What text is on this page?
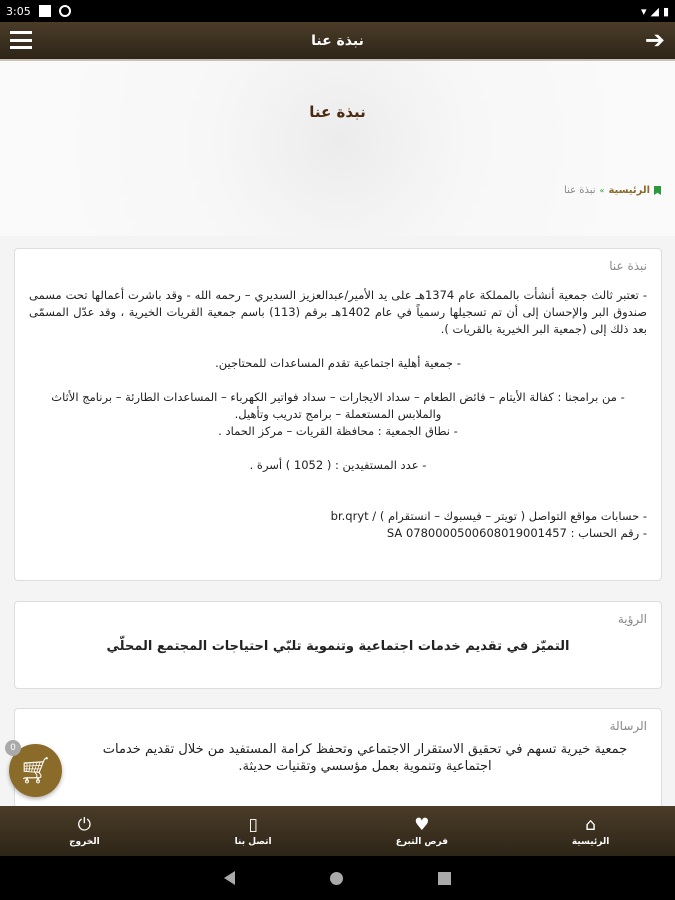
3:05	▾ ◢ ▮
نبذة عنا	➔
نبذة عنا
الرئيسية
»
نبذة عنا
نبذة عنا

- تعتبر ثالث جمعية أنشأت بالمملكة عام 1374هـ على يد الأمير/عبدالعزيز السديري – رحمه الله - وقد باشرت أعمالها تحت مسمى صندوق البر والإحسان إلى أن تم تسجيلها رسمياً في عام 1402هـ برقم (113) باسم جمعية القريات الخيرية ، وقد عدّل المسمّى بعد ذلك إلى (جمعية البر الخيرية بالقريات ).

- جمعية أهلية اجتماعية تقدم المساعدات للمحتاجين.

- من برامجنا : كفالة الأيتام – فائض الطعام – سداد الايجارات – سداد فواتير الكهرباء – المساعدات الطارئة – برنامج الأثاث والملابس المستعملة – برامج تدريب وتأهيل.

- نطاق الجمعية : محافظة القريات – مركز الحماد .

- عدد المستفيدين : ( 1052 ) أسرة .

- حسابات مواقع التواصل ( تويتر – فيسبوك – انستقرام ) / br.qryt

- رقم الحساب : SA 0780000500608019001457

الرؤية

التميّز في تقديم خدمات اجتماعية وتنموية تلبّي احتياجات المجتمع المحلّي

الرسالة

جمعية خيرية تسهم في تحقيق الاستقرار الاجتماعي وتحفظ كرامة المستفيد من خلال تقديم خدمات اجتماعية وتنموية بعمل مؤسسي وتقنيات حديثة.

🛒︎
0
⌂
الرئيسية
♥
فرص التبرع
▯
اتصل بنا
⏻
الخروج
